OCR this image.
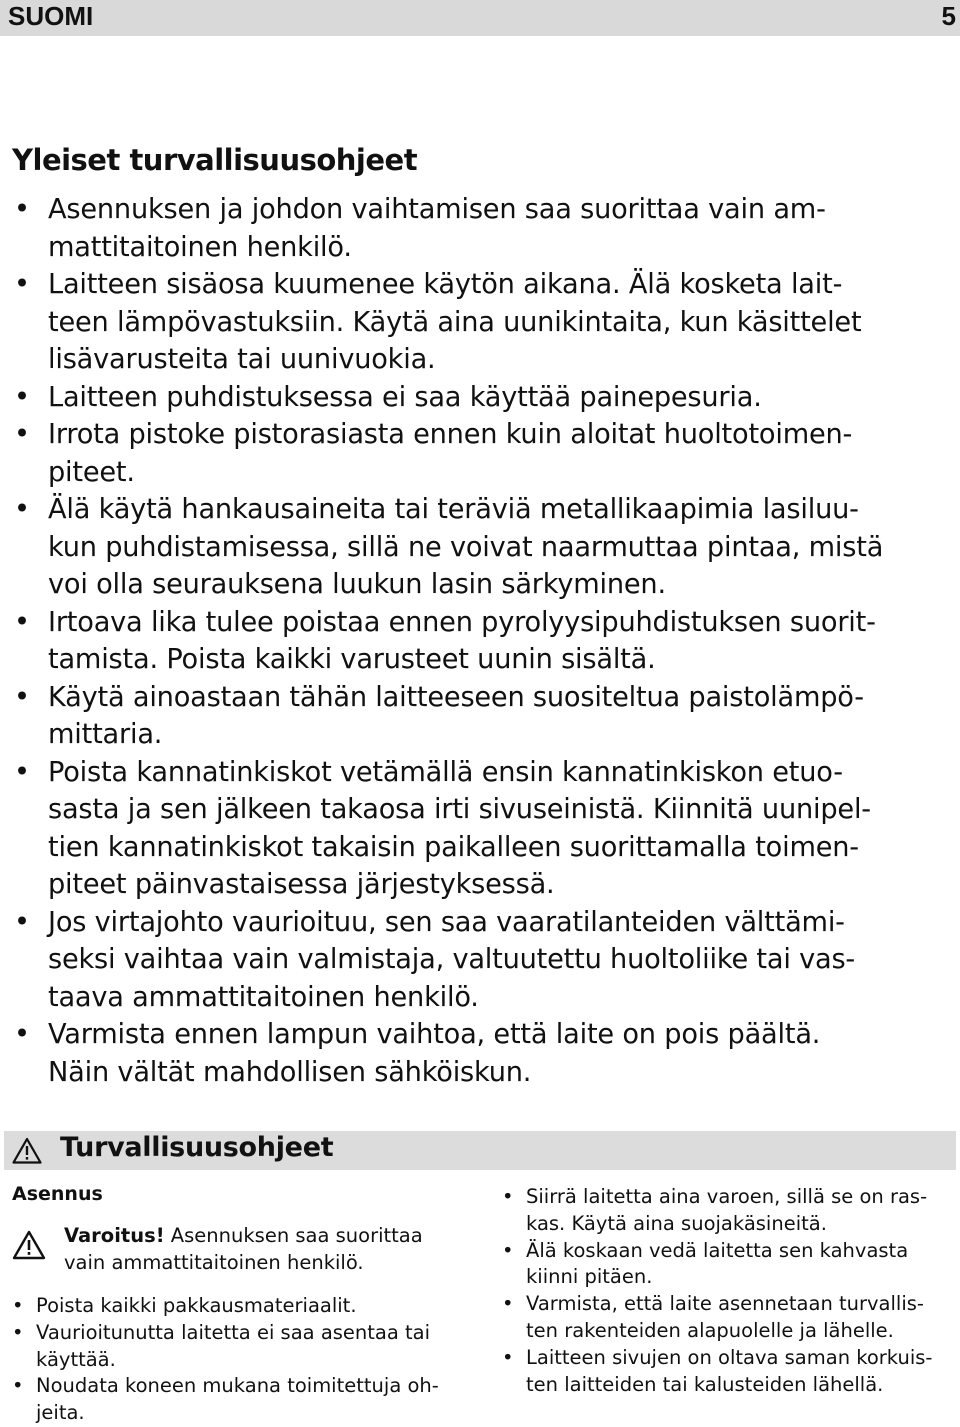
SUOMI	5
Yleiset turvallisuusohjeet
• Asennuksen ja johdon vaihtamisen saa suorittaa vain am-
mattitaitoinen henkilö.
• Laitteen sisäosa kuumenee käytön aikana. Älä kosketa lait-
teen lämpövastuksiin. Käytä aina uunikintaita, kun käsittelet
lisävarusteita tai uunivuokia.
• Laitteen puhdistuksessa ei saa käyttää painepesuria.
• Irrota pistoke pistorasiasta ennen kuin aloitat huoltotoimen-
piteet.
• Älä käytä hankausaineita tai teräviä metallikaapimia lasiluu-
kun puhdistamisessa, sillä ne voivat naarmuttaa pintaa, mistä
voi olla seurauksena luukun lasin särkyminen.
• Irtoava lika tulee poistaa ennen pyrolyysipuhdistuksen suorit-
tamista. Poista kaikki varusteet uunin sisältä.
• Käytä ainoastaan tähän laitteeseen suositeltua paistolämpö-
mittaria.
• Poista kannatinkiskot vetämällä ensin kannatinkiskon etuo-
sasta ja sen jälkeen takaosa irti sivuseinistä. Kiinnitä uunipel-
tien kannatinkiskot takaisin paikalleen suorittamalla toimen-
piteet päinvastaisessa järjestyksessä.
• Jos virtajohto vaurioituu, sen saa vaaratilanteiden välttämi-
seksi vaihtaa vain valmistaja, valtuutettu huoltoliike tai vas-
taava ammattitaitoinen henkilö.
• Varmista ennen lampun vaihtoa, että laite on pois päältä.
Näin vältät mahdollisen sähköiskun.
Turvallisuusohjeet
Asennus
Varoitus! Asennuksen saa suorittaa
vain ammattitaitoinen henkilö.
• Poista kaikki pakkausmateriaalit.
• Vaurioitunutta laitetta ei saa asentaa tai
käyttää.
• Noudata koneen mukana toimitettuja oh-
jeita.
• Siirrä laitetta aina varoen, sillä se on ras-
kas. Käytä aina suojakäsineitä.
• Älä koskaan vedä laitetta sen kahvasta
kiinni pitäen.
• Varmista, että laite asennetaan turvallis-
ten rakenteiden alapuolelle ja lähelle.
• Laitteen sivujen on oltava saman korkuis-
ten laitteiden tai kalusteiden lähellä.
